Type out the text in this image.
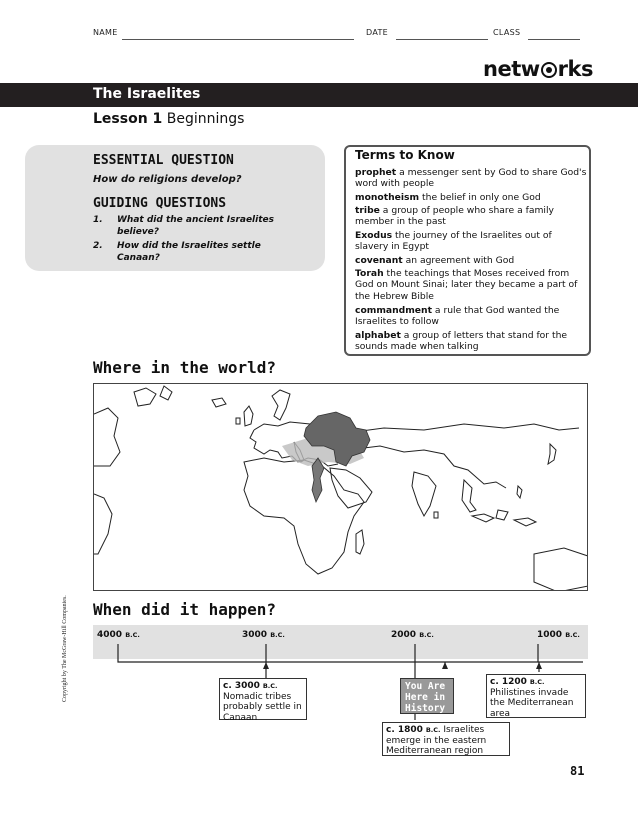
NAME	DATE	CLASS
netw rks
The Israelites
Lesson 1 Beginnings
ESSENTIAL QUESTION
How do religions develop?
GUIDING QUESTIONS
1. What did the ancient Israelites believe?
2. How did the Israelites settle Canaan?
Terms to Know
prophet a messenger sent by God to share God's word with people
monotheism the belief in only one God
tribe a group of people who share a family member in the past
Exodus the journey of the Israelites out of slavery in Egypt
covenant an agreement with God
Torah the teachings that Moses received from God on Mount Sinai; later they became a part of the Hebrew Bible
commandment a rule that God wanted the Israelites to follow
alphabet a group of letters that stand for the sounds made when talking
Where in the world?
Copyright by The McGraw-Hill Companies. When did it happen?
4000 B.C.	3000 B.C.	2000 B.C.	1000 B.C.
c. 3000 B.C.
Nomadic tribes probably settle in Canaan
You Are Here in History
c. 1800 B.C. Israelites emerge in the eastern Mediterranean region
c. 1200 B.C.
Philistines invade the Mediterranean area
81
